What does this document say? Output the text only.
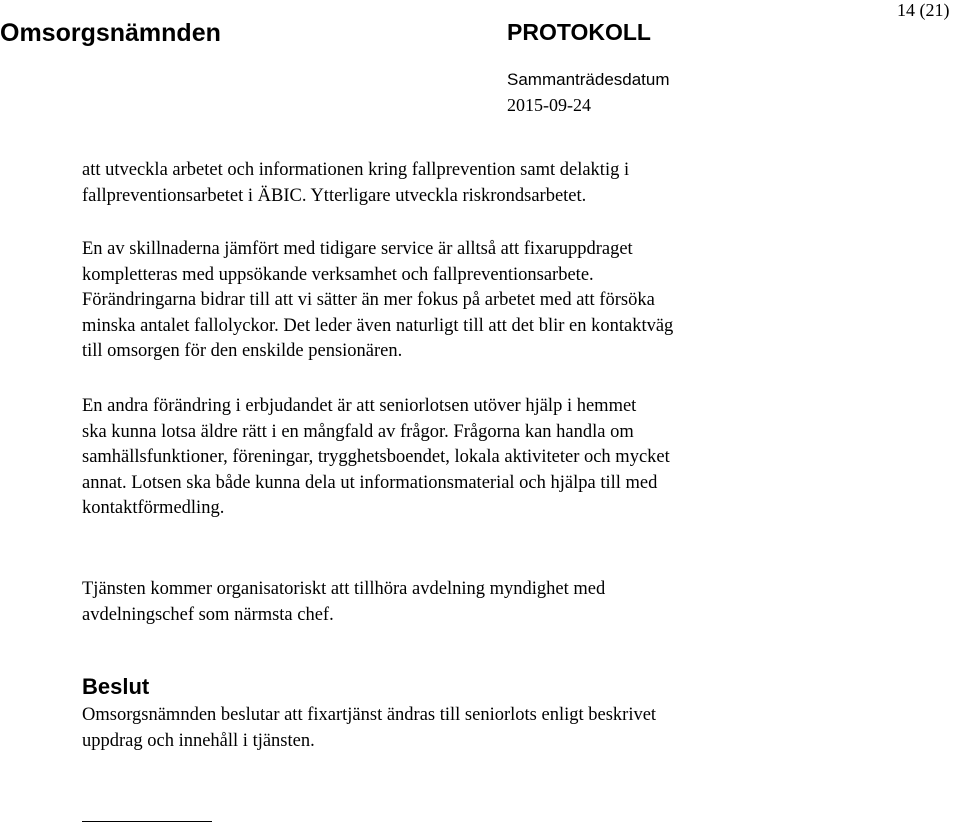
Omsorgsnämnden	PROTOKOLL
14 (21)
Sammanträdesdatum
2015-09-24
att utveckla arbetet och informationen kring fallprevention samt delaktig i
fallpreventionsarbetet i ÄBIC. Ytterligare utveckla riskrondsarbetet.
En av skillnaderna jämfört med tidigare service är alltså att fixaruppdraget
kompletteras med uppsökande verksamhet och fallpreventionsarbete.
Förändringarna bidrar till att vi sätter än mer fokus på arbetet med att försöka
minska antalet fallolyckor. Det leder även naturligt till att det blir en kontaktväg
till omsorgen för den enskilde pensionären.
En andra förändring i erbjudandet är att seniorlotsen utöver hjälp i hemmet
ska kunna lotsa äldre rätt i en mångfald av frågor. Frågorna kan handla om
samhällsfunktioner, föreningar, trygghetsboendet, lokala aktiviteter och mycket
annat. Lotsen ska både kunna dela ut informationsmaterial och hjälpa till med
kontaktförmedling.
Tjänsten kommer organisatoriskt att tillhöra avdelning myndighet med
avdelningschef som närmsta chef.
Beslut
Omsorgsnämnden beslutar att fixartjänst ändras till seniorlots enligt beskrivet
uppdrag och innehåll i tjänsten.
